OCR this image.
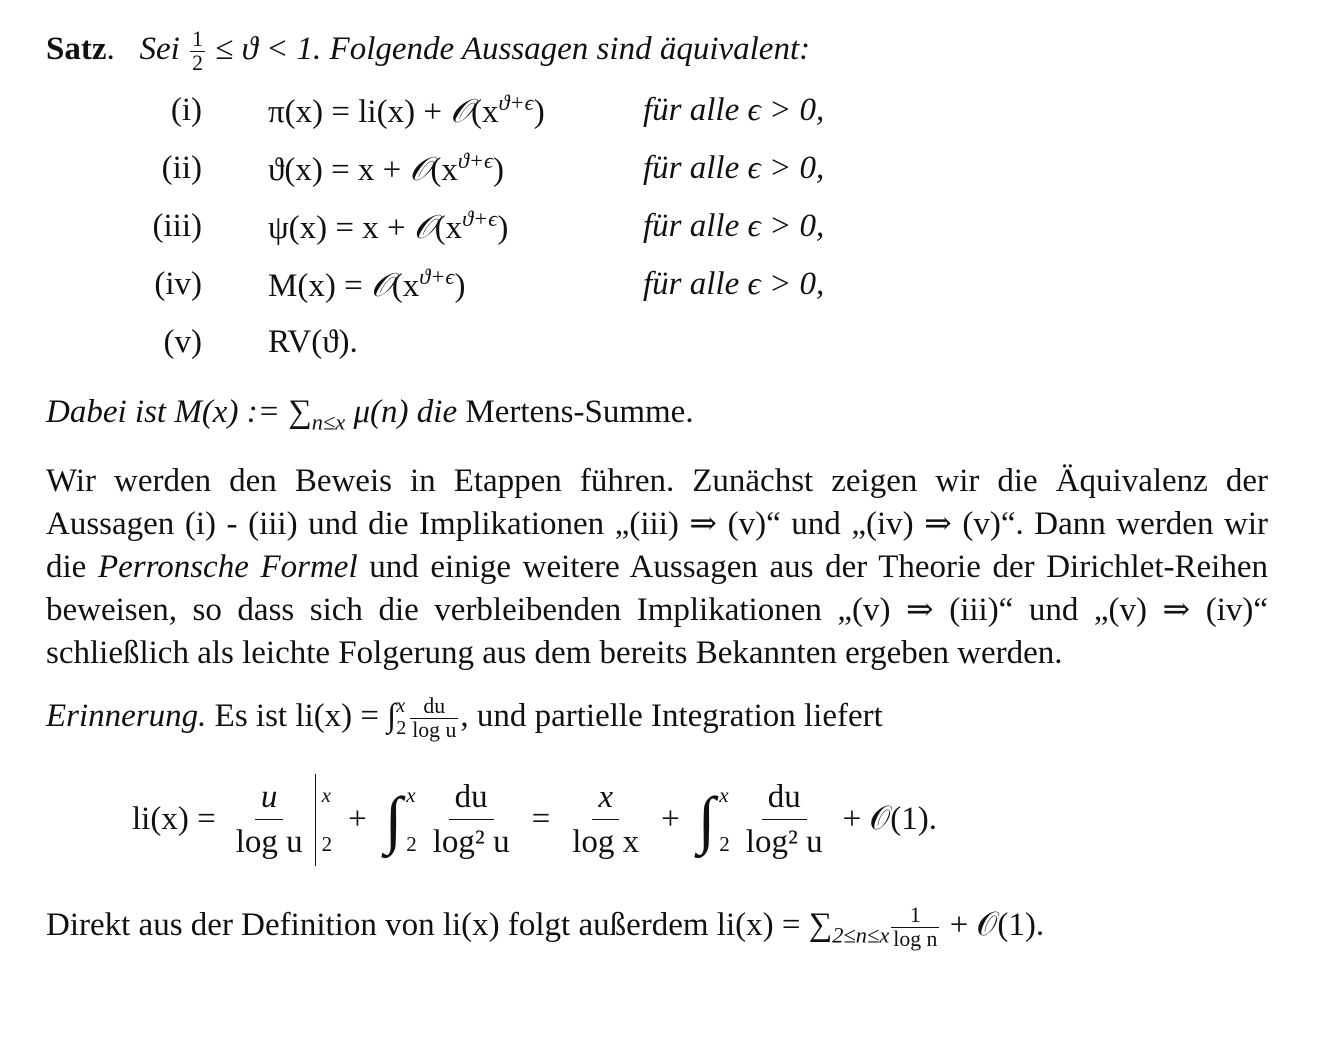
Satz. Sei $\frac{1}{2} \le ϑ < 1$. Folgende Aussagen sind äquivalent:
(i) $\pi(x) = li(x) + 𝒪(x^{ϑ+\epsilon})$	für alle ϵ > 0,
(ii) $ϑ(x) = x + 𝒪(x^{ϑ+\epsilon})$	für alle ϵ > 0,
(iii) $\psi(x) = x + 𝒪(x^{ϑ+\epsilon})$	für alle ϵ > 0,
(iv) $M(x) = 𝒪(x^{ϑ+\epsilon})$	für alle ϵ > 0,
(v) RV(ϑ).
Dabei ist M(x) := $\sum_{n\le x}$ μ(n) die Mertens-Summe.
Wir werden den Beweis in Etappen führen. Zunächst zeigen wir die Äquivalenz der Aussagen (i) - (iii) und die Implikationen „(iii) ⇒ (v)“ und „(iv) ⇒ (v)“. Dann werden wir die Perronsche Formel und einige weitere Aussagen aus der Theorie der Dirichlet-Reihen beweisen, so dass sich die verbleibenden Implikationen „(v) ⇒ (iii)“ und „(v) ⇒ (iv)“ schließlich als leichte Folgerung aus dem bereits Bekannten ergeben werden.
Erinnerung. Es ist li(x) = ∫ x
$2 \frac{du}{\text{log u}}$ , und partielle Integration liefert
$li(x) = \frac{u}{\text{log u}}$ x
2
+ ∫ x
$2 \frac{du}{\text{log² u}} = \frac{x}{\text{log x}}$ + ∫ x
$2 \frac{du}{\text{log² u}}$ + 𝒪(1).
Direkt aus der Definition von li(x) folgt außerdem $li(x) = \sum_{2\le n\le x} \frac{1}{\text{log n}}$ + 𝒪(1).
